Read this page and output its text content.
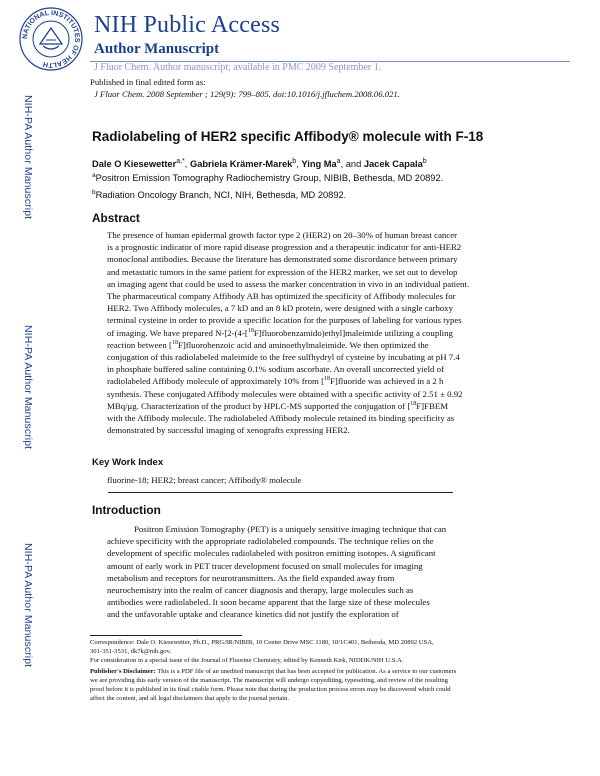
NATIONAL INSTITUTES OF HEALTH
NIH Public Access
Author Manuscript
J Fluor Chem. Author manuscript; available in PMC 2009 September 1.
NIH-PA Author Manuscript
NIH-PA Author Manuscript
NIH-PA Author Manuscript
Published in final edited form as:
J Fluor Chem. 2008 September ; 129(9): 799–805. doi:10.1016/j.jfluchem.2008.06.021.
Radiolabeling of HER2 specific Affibody® molecule with F-18
Dale O Kiesewetter$^{a,*}$, Gabriela Krämer-Marek$^b$, Ying Ma$^a$, and Jacek Capala$^b$
$^a$Positron Emission Tomography Radiochemistry Group, NIBIB, Bethesda, MD 20892.
$^b$Radiation Oncology Branch, NCI, NIH, Bethesda, MD 20892.
Abstract
The presence of human epidermal growth factor type 2 (HER2) on 20–30% of human breast cancer
is a prognostic indicator of more rapid disease progression and a therapeutic indicator for anti-HER2
monoclonal antibodies. Because the literature has demonstrated some discordance between primary
and metastatic tumors in the same patient for expression of the HER2 marker, we set out to develop
an imaging agent that could be used to assess the marker concentration in vivo in an individual patient.
The pharmaceutical company Affibody AB has optimized the specificity of Affibody molecules for
HER2. Two Affibody molecules, a 7 kD and an 8 kD protein, were designed with a single carboxy
terminal cysteine in order to provide a specific location for the purposes of labeling for various types
of imaging. We have prepared N-[2-(4-[$^{18}$F]fluorobenzamido)ethyl]maleimide utilizing a coupling
reaction between [$^{18}$F]fluorobenzoic acid and aminoethylmaleimide. We then optimized the
conjugation of this radiolabeled maleimide to the free sulfhydryl of cysteine by incubating at pH 7.4
in phosphate buffered saline containing 0.1% sodium ascorbate. An overall uncorrected yield of
radiolabeled Affibody molecule of approximately 10% from [$^{18}$F]fluoride was achieved in a 2 h
synthesis. These conjugated Affibody molecules were obtained with a specific activity of 2.51 ± 0.92
MBq/μg. Characterization of the product by HPLC-MS supported the conjugation of [$^{18}$F]FBEM
with the Affibody molecule. The radiolabeled Affibody molecule retained its binding specificity as
demonstrated by successful imaging of xenografts expressing HER2.
Key Work Index
fluorine-18; HER2; breast cancer; Affibody® molecule
Introduction
Positron Emission Tomography (PET) is a uniquely sensitive imaging technique that can
achieve specificity with the appropriate radiolabeled compounds. The technique relies on the
development of specific molecules radiolabeled with positron emitting isotopes. A significant
amount of early work in PET tracer development focused on small molecules for imaging
metabolism and receptors for neurotransmitters. As the field expanded away from
neurochemistry into the realm of cancer diagnosis and therapy, large molecules such as
antibodies were radiolabeled. It soon became apparent that the large size of these molecules
and the unfavorable uptake and clearance kinetics did not justify the exploration of
Correspondence: Dale O. Kiesewetter, Ph.D., PRG/IR/NIBIB, 10 Center Drive MSC 1180, 10/1C401, Bethesda, MD 20892 USA,
301-351-3531, dk7k@nih.gov.
For consideration in a special issue of the Journal of Fluorine Chemistry, edited by Kenneth Kirk, NIDDK/NIH U.S.A.
Publisher's Disclaimer: This is a PDF file of an unedited manuscript that has been accepted for publication. As a service to our customers
we are providing this early version of the manuscript. The manuscript will undergo copyediting, typesetting, and review of the resulting
proof before it is published in its final citable form. Please note that during the production process errors may be discovered which could
affect the content, and all legal disclaimers that apply to the journal pertain.
